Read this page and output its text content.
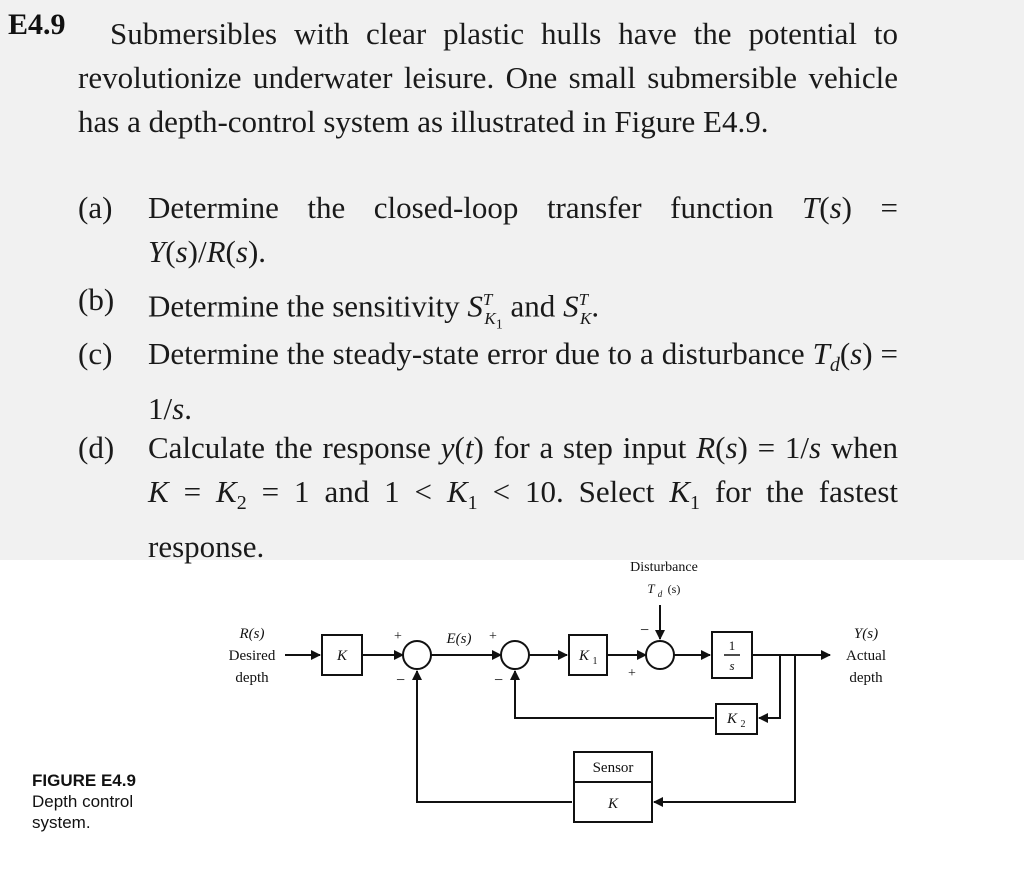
E4.9	Submersibles with clear plastic hulls have the potential to revolutionize underwater leisure. One small submersible vehicle has a depth-control system as illustrated in Figure E4.9.

(a) Determine the closed-loop transfer function T(s) = Y(s)/R(s).
(b) Determine the sensitivity $S^T_{K_1}$ and $S^T_K$.
(c) Determine the steady-state error due to a disturbance $T_d(s) = 1/s$.
(d) Calculate the response y(t) for a step input R(s) = 1/s when $K = K_2 = 1$ and $1 < K_1 < 10$. Select $K_1$ for the fastest response.
FIGURE E4.9
Depth control system.
R(s)
Desired
depth
K	K 1
1
s
K 2
Sensor
K
E(s)
Disturbance
T d (s)
Y(s)
Actual
depth
+
−
+
−
−
+
